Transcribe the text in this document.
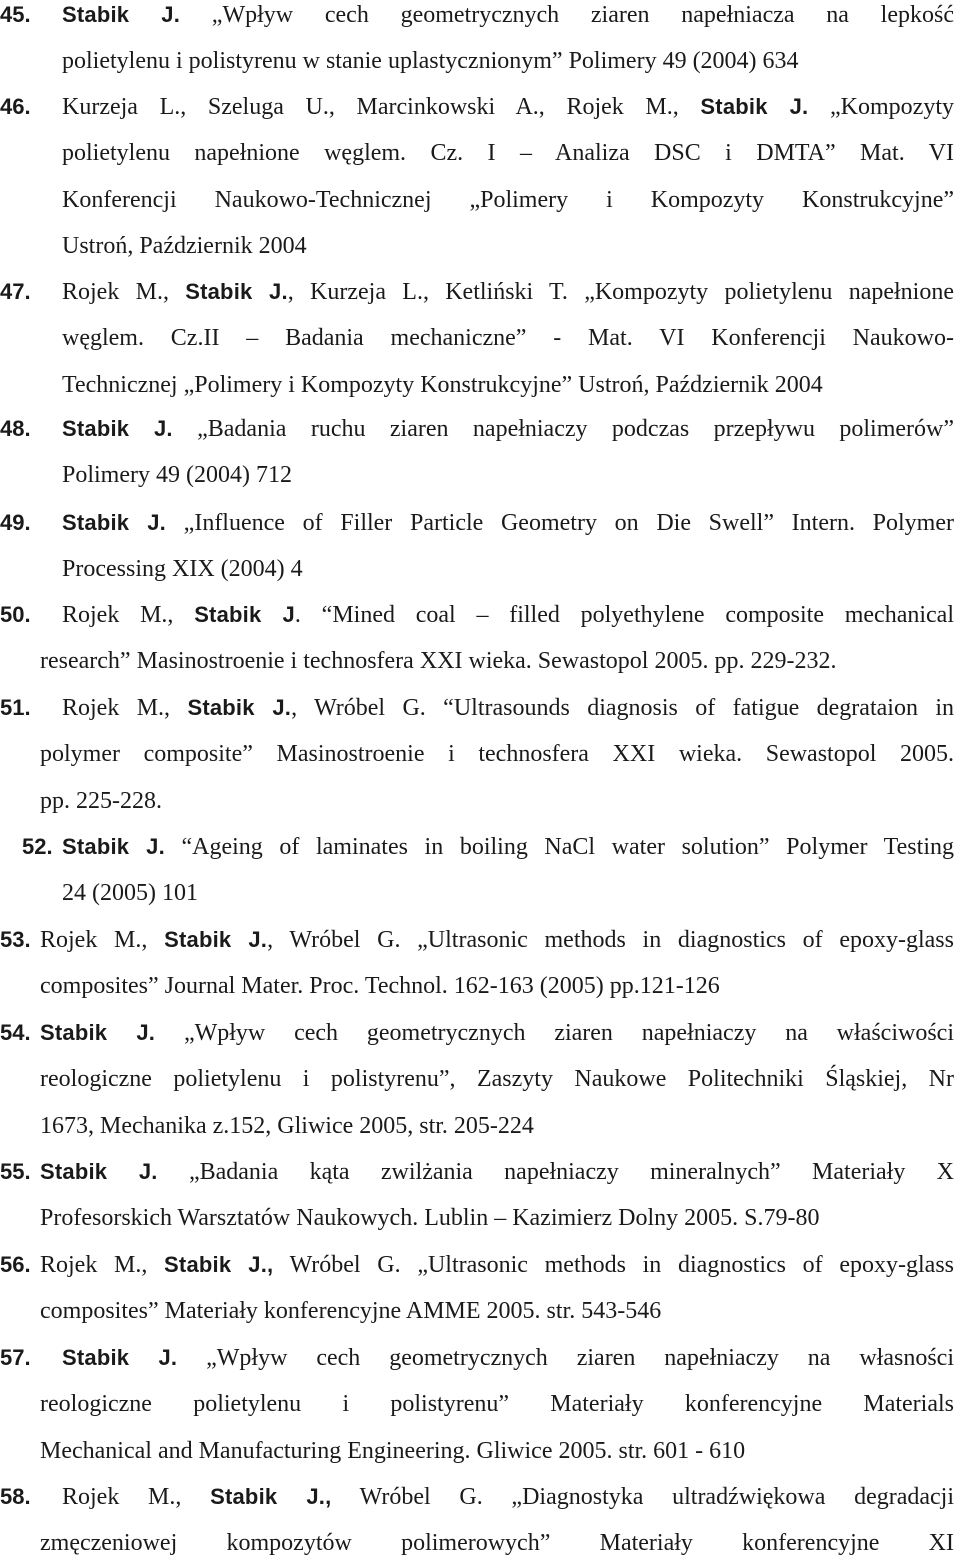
45. Stabik J. „Wpływ cech geometrycznych ziaren napełniacza na lepkość
polietylenu i polistyrenu w stanie uplastycznionym” Polimery 49 (2004) 634
46. Kurzeja L., Szeluga U., Marcinkowski A., Rojek M., Stabik J. „Kompozyty
polietylenu napełnione węglem. Cz. I – Analiza DSC i DMTA” Mat. VI
Konferencji Naukowo-Technicznej „Polimery i Kompozyty Konstrukcyjne”
Ustroń, Październik 2004
47. Rojek M., Stabik J., Kurzeja L., Ketliński T. „Kompozyty polietylenu napełnione
węglem. Cz.II – Badania mechaniczne” - Mat. VI Konferencji Naukowo-
Technicznej „Polimery i Kompozyty Konstrukcyjne” Ustroń, Październik 2004
48. Stabik J. „Badania ruchu ziaren napełniaczy podczas przepływu polimerów”
Polimery 49 (2004) 712
49. Stabik J. „Influence of Filler Particle Geometry on Die Swell” Intern. Polymer
Processing XIX (2004) 4
50. Rojek M., Stabik J. “Mined coal – filled polyethylene composite mechanical
research” Masinostroenie i technosfera XXI wieka. Sewastopol 2005. pp. 229-232.
51. Rojek M., Stabik J., Wróbel G. “Ultrasounds diagnosis of fatigue degrataion in
polymer composite” Masinostroenie i technosfera XXI wieka. Sewastopol 2005.
pp. 225-228.
52. Stabik J. “Ageing of laminates in boiling NaCl water solution” Polymer Testing
24 (2005) 101
53. Rojek M., Stabik J., Wróbel G. „Ultrasonic methods in diagnostics of epoxy-glass
composites” Journal Mater. Proc. Technol. 162-163 (2005) pp.121-126
54. Stabik J. „Wpływ cech geometrycznych ziaren napełniaczy na właściwości
reologiczne polietylenu i polistyrenu”, Zaszyty Naukowe Politechniki Śląskiej, Nr
1673, Mechanika z.152, Gliwice 2005, str. 205-224
55. Stabik J. „Badania kąta zwilżania napełniaczy mineralnych” Materiały X
Profesorskich Warsztatów Naukowych. Lublin – Kazimierz Dolny 2005. S.79-80
56. Rojek M., Stabik J., Wróbel G. „Ultrasonic methods in diagnostics of epoxy-glass
composites” Materiały konferencyjne AMME 2005. str. 543-546
57. Stabik J. „Wpływ cech geometrycznych ziaren napełniaczy na własności
reologiczne polietylenu i polistyrenu” Materiały konferencyjne Materials
Mechanical and Manufacturing Engineering. Gliwice 2005. str. 601 - 610
58. Rojek M., Stabik J., Wróbel G. „Diagnostyka ultradźwiękowa degradacji
zmęczeniowej kompozytów polimerowych” Materiały konferencyjne XI
